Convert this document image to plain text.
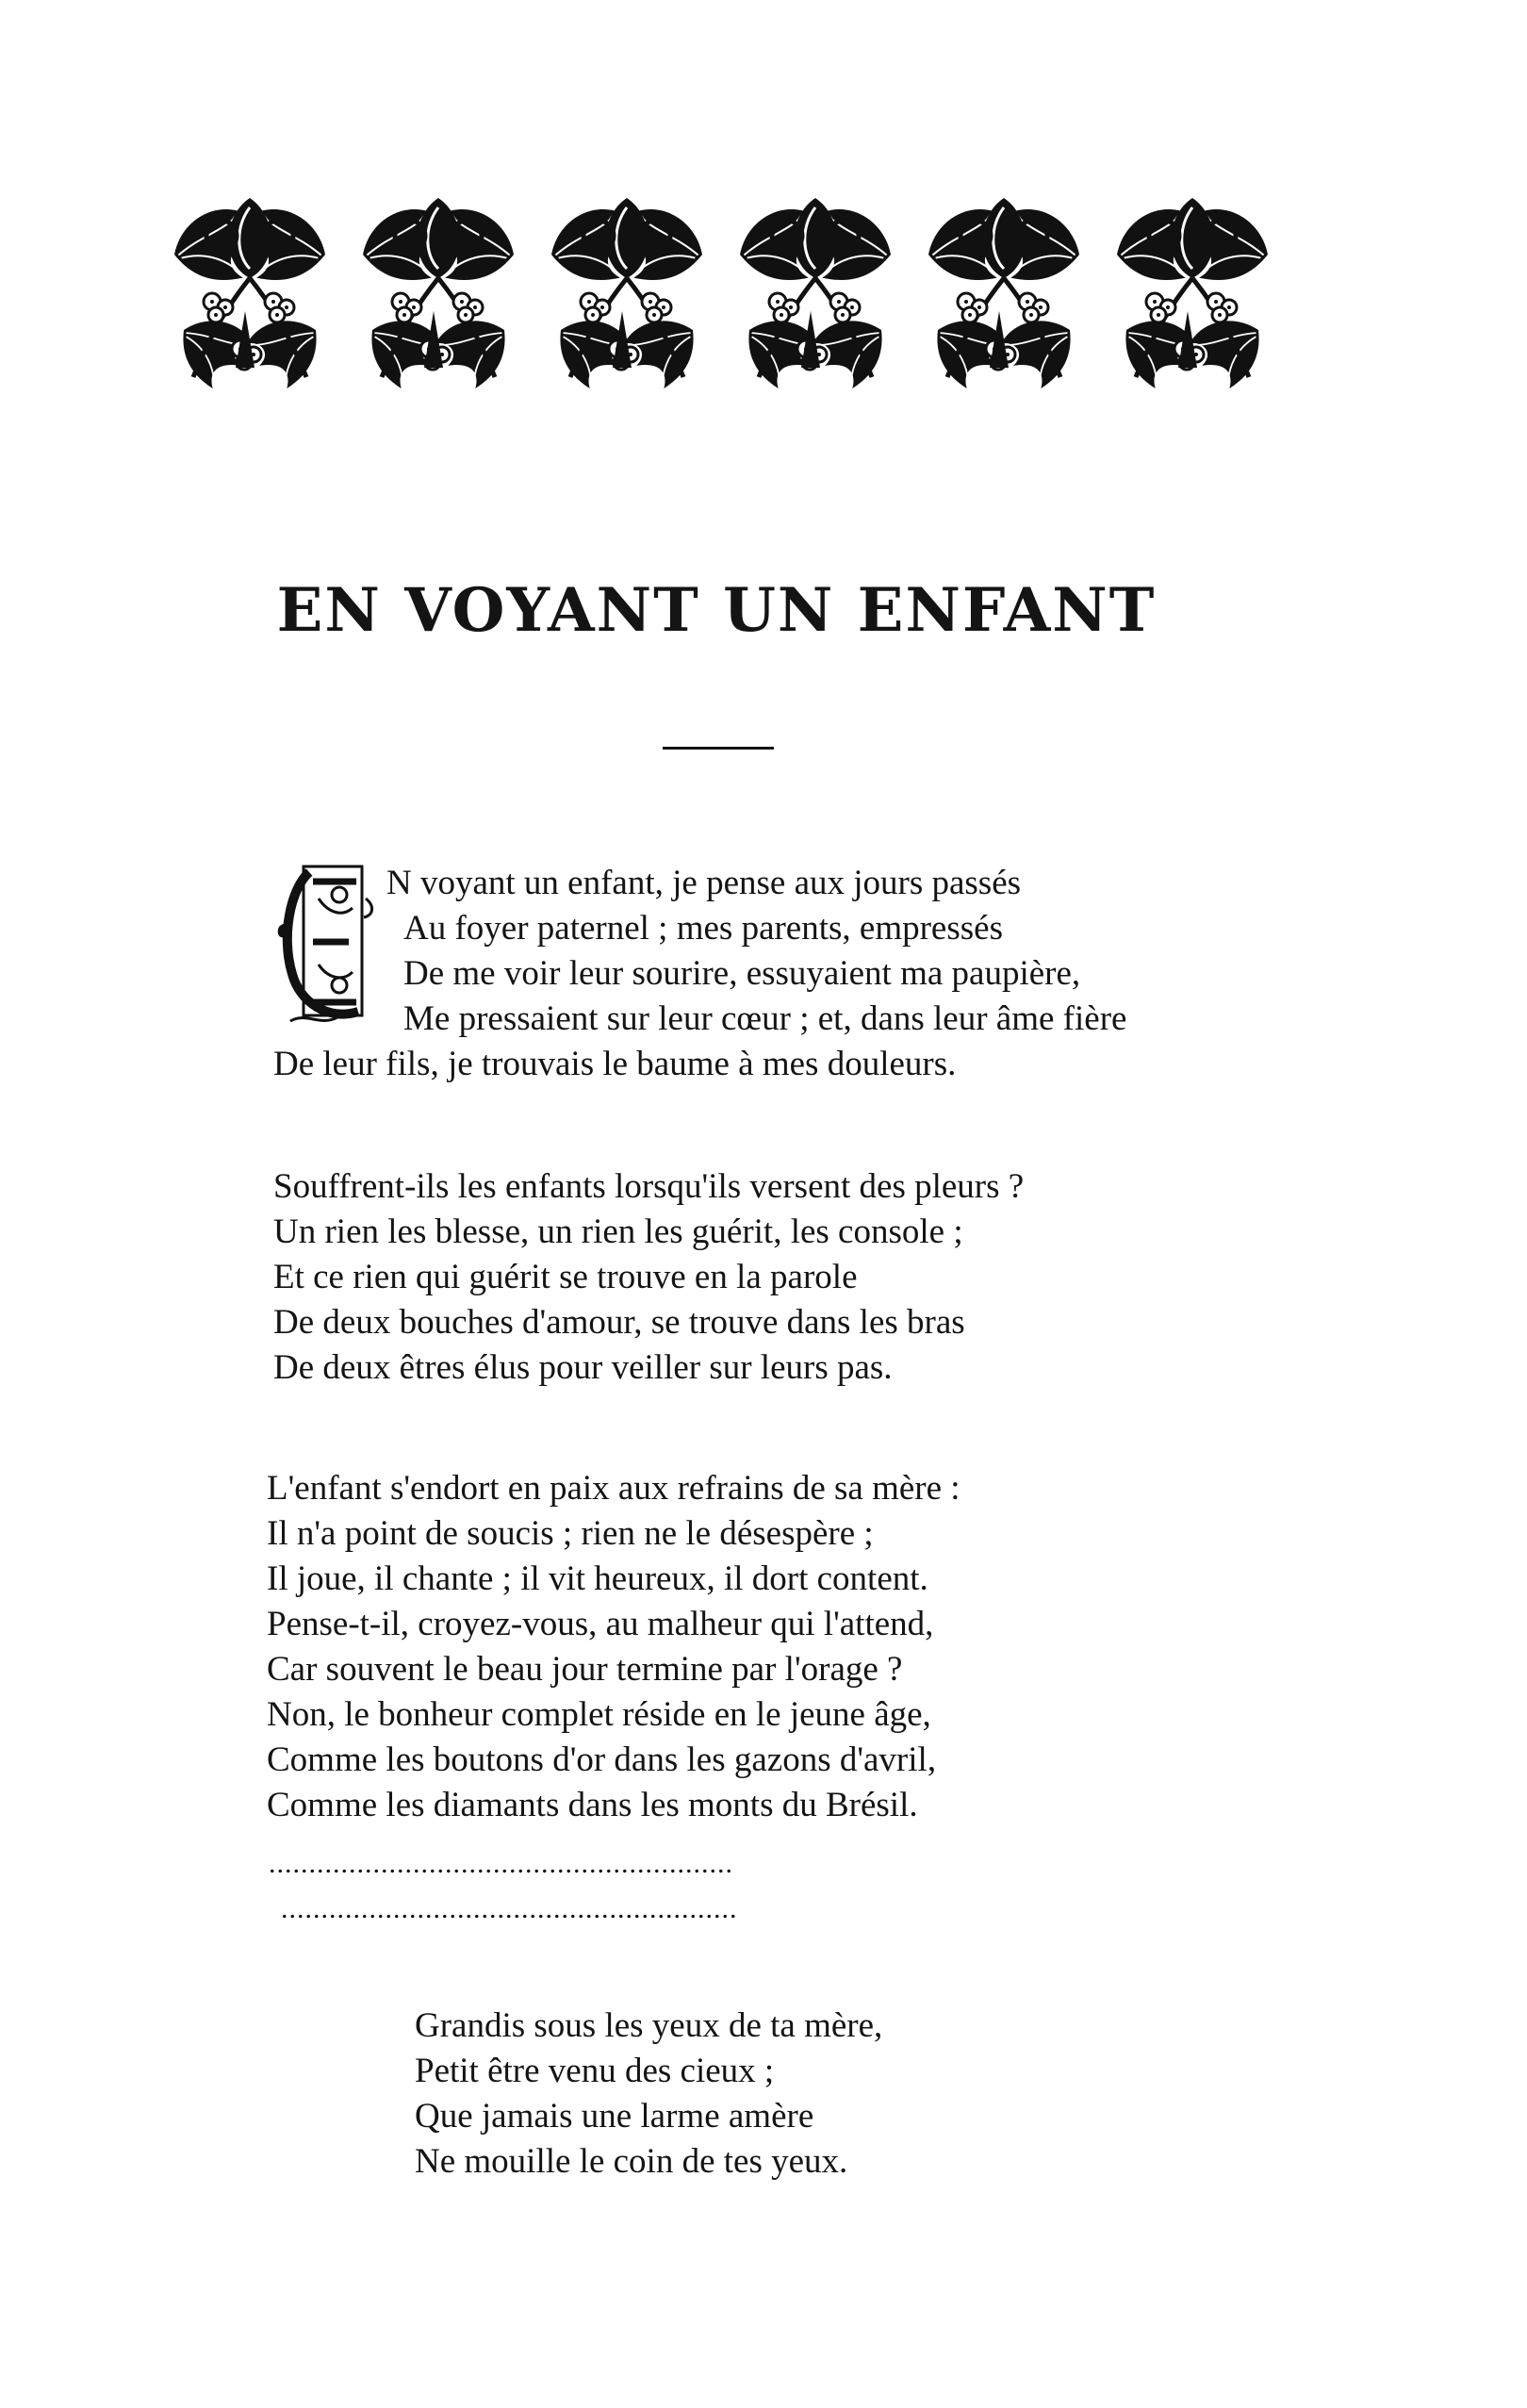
EN VOYANT UN ENFANT
N voyant un enfant, je pense aux jours passés
Au foyer paternel ; mes parents, empressés
De me voir leur sourire, essuyaient ma paupière,
Me pressaient sur leur cœur ; et, dans leur âme fière
De leur fils, je trouvais le baume à mes douleurs.
Souffrent-ils les enfants lorsqu'ils versent des pleurs ?
Un rien les blesse, un rien les guérit, les console ;
Et ce rien qui guérit se trouve en la parole
De deux bouches d'amour, se trouve dans les bras
De deux êtres élus pour veiller sur leurs pas.
L'enfant s'endort en paix aux refrains de sa mère :
Il n'a point de soucis ; rien ne le désespère ;
Il joue, il chante ; il vit heureux, il dort content.
Pense-t-il, croyez-vous, au malheur qui l'attend,
Car souvent le beau jour termine par l'orage ?
Non, le bonheur complet réside en le jeune âge,
Comme les boutons d'or dans les gazons d'avril,
Comme les diamants dans les monts du Brésil.
..........................................................
.........................................................
Grandis sous les yeux de ta mère,
Petit être venu des cieux ;
Que jamais une larme amère
Ne mouille le coin de tes yeux.
